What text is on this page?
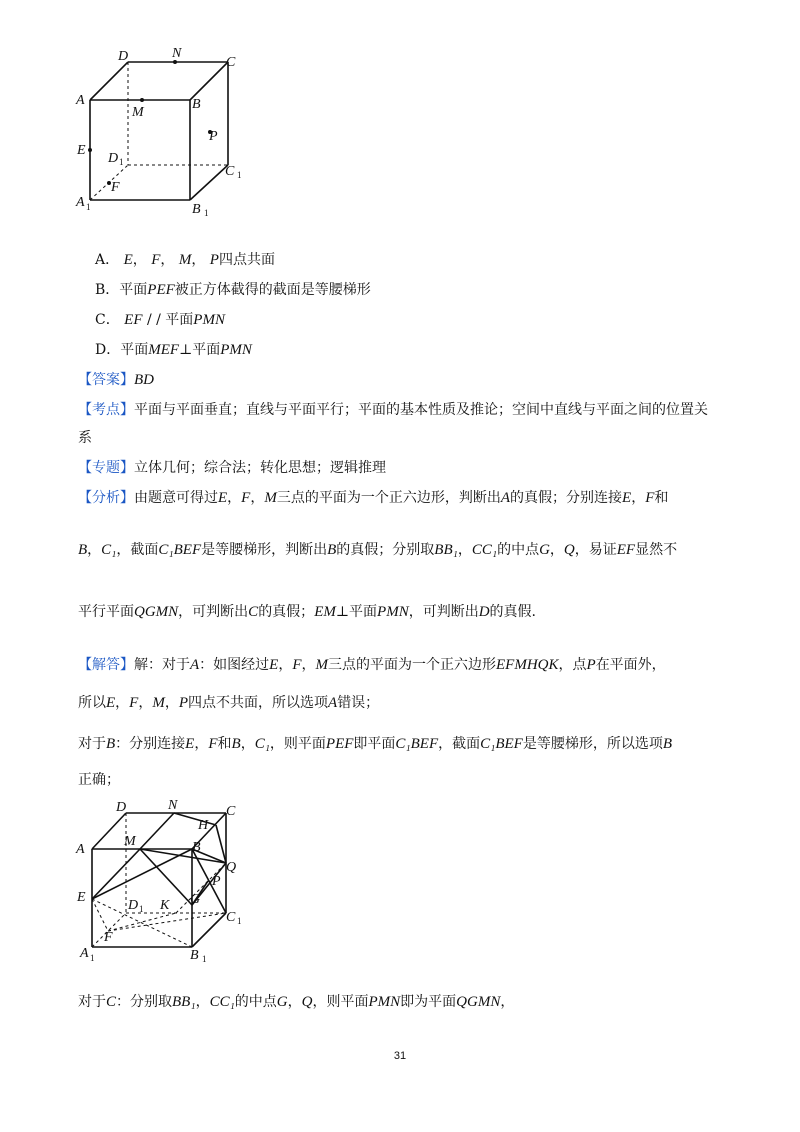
D	N
C
A
M
B
P
E
D 1
C 1
F
A 1	B 1
A． E， F， M， P四点共面
B．平面PEF被正方体截得的截面是等腰梯形
C． EF / / 平面PMN
D．平面MEF⊥平面PMN
【答案】BD
【考点】平面与平面垂直；直线与平面平行；平面的基本性质及推论；空间中直线与平面之间的位置关
系
【专题】立体几何；综合法；转化思想；逻辑推理
【分析】由题意可得过E，F，M三点的平面为一个正六边形，判断出A的真假；分别连接E，F和
B，C₁，截面C₁BEF是等腰梯形，判断出B的真假；分别取BB₁，CC₁的中点G，Q，易证EF显然不
平行平面QGMN，可判断出C的真假；EM⊥平面PMN，可判断出D的真假.
【解答】解：对于A：如图经过E，F，M三点的平面为一个正六边形EFMHQK，点P在平面外，
所以E，F，M，P四点不共面，所以选项A错误；
对于B：分别连接E，F和B，C₁，则平面PEF即平面C₁BEF，截面C₁BEF是等腰梯形，所以选项B
正确；
D	N	C
H
A
M	B
Q
P
E
D 1 K G
C 1
F
A 1	B 1
对于C：分别取BB₁，CC₁的中点G，Q，则平面PMN即为平面QGMN，
31
